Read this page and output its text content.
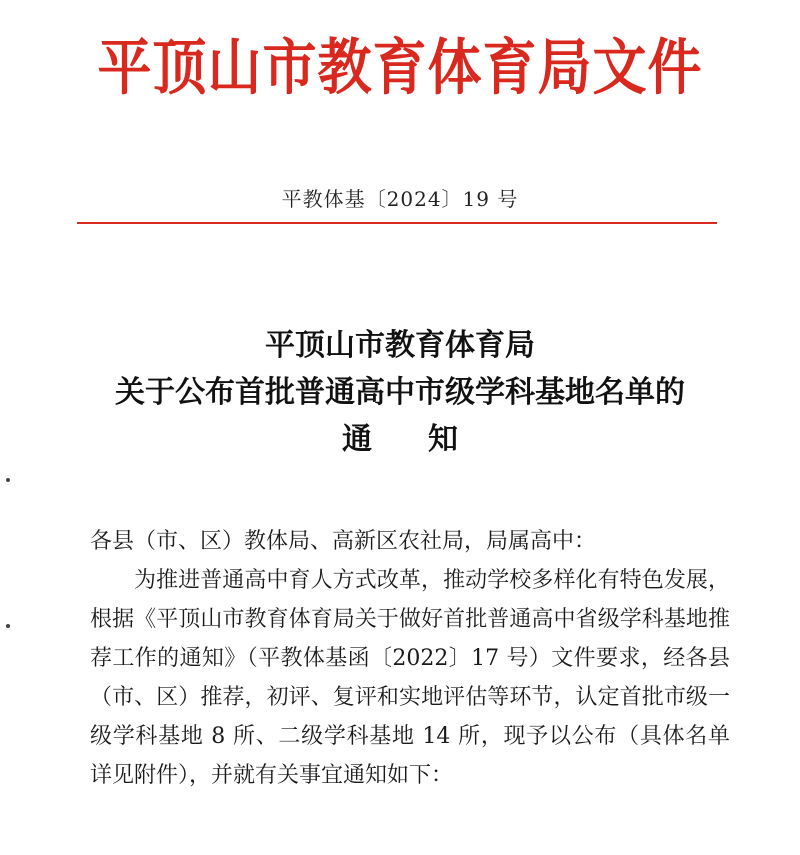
平顶山市教育体育局文件
平教体基〔2024〕19 号
平顶山市教育体育局
关于公布首批普通高中市级学科基地名单的
通知

各县（市、区）教体局、高新区农社局，局属高中：

为推进普通高中育人方式改革，推动学校多样化有特色发展，根据《平顶山市教育体育局关于做好首批普通高中省级学科基地推荐工作的通知》（平教体基函〔2022〕17 号）文件要求，经各县（市、区）推荐，初评、复评和实地评估等环节，认定首批市级一级学科基地 8 所、二级学科基地 14 所，现予以公布（具体名单详见附件），并就有关事宜通知如下：
